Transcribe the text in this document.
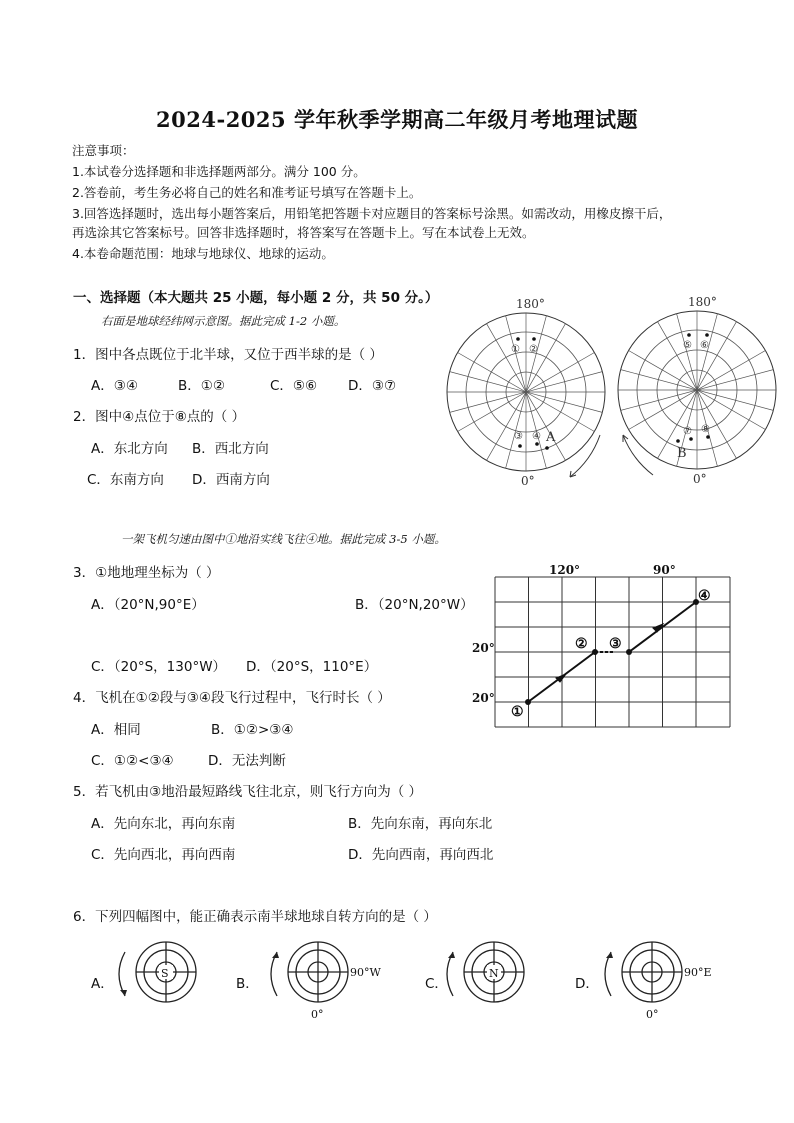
2024-2025 学年秋季学期高二年级月考地理试题
注意事项：
1.本试卷分选择题和非选择题两部分。满分 100 分。
2.答卷前，考生务必将自己的姓名和准考证号填写在答题卡上。
3.回答选择题时，选出每小题答案后，用铅笔把答题卡对应题目的答案标号涂黑。如需改动，用橡皮擦干后，
再选涂其它答案标号。回答非选择题时，将答案写在答题卡上。写在本试卷上无效。
4.本卷命题范围：地球与地球仪、地球的运动。
一、选择题（本大题共 25 小题，每小题 2 分，共 50 分。）
右面是地球经纬网示意图。据此完成 1-2 小题。
1．图中各点既位于北半球，又位于西半球的是（ ）
A．③④	B．①②	C．⑤⑥ D．③⑦
2．图中④点位于⑧点的（ ）
A．东北方向 B．西北方向
C．东南方向 D．西南方向
180°
0°
① ②
③ ④ A
180°
0°
⑤ ⑥
⑦ ⑧
B
一架飞机匀速由图中①地沿实线飞往④地。据此完成 3-5 小题。
3．①地地理坐标为（ ）
A．（20°N,90°E）	B．（20°N,20°W）
C．（20°S，130°W） D．（20°S，110°E）
120°	90°
20°
20°
①
② ③
④
4．飞机在①②段与③④段飞行过程中，飞行时长（ ）
A．相同	B．①②>③④
C．①②<③④	D．无法判断
5．若飞机由③地沿最短路线飞往北京，则飞行方向为（ ）
A．先向东北，再向东南	B．先向东南，再向东北
C．先向西北，再向西南	D．先向西南，再向西北
6．下列四幅图中，能正确表示南半球地球自转方向的是（ ）
A．	B．	C．	D．
S	90°W
0°
N	90°E
0°
